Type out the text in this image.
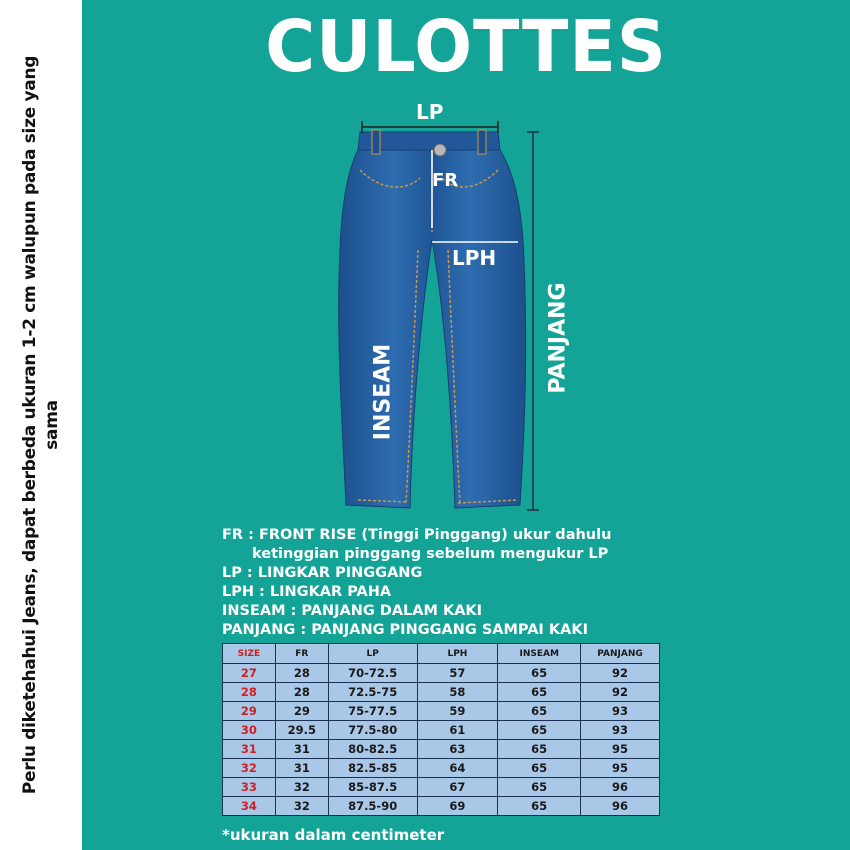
Perlu diketehahui Jeans, dapat berbeda ukuran 1-2 cm walupun pada size yang sama
CULOTTES
LP
FR
LPH
INSEAM	PANJANG
FR : FRONT RISE (Tinggi Pinggang) ukur dahulu
ketinggian pinggang sebelum mengukur LP
LP : LINGKAR PINGGANG
LPH : LINGKAR PAHA
INSEAM : PANJANG DALAM KAKI
PANJANG : PANJANG PINGGANG SAMPAI KAKI
SIZE	FR	LP	LPH	INSEAM	PANJANG
27	28	70-72.5	57	65	92
28	28	72.5-75	58	65	92
29	29	75-77.5	59	65	93
30	29.5	77.5-80	61	65	93
31	31	80-82.5	63	65	95
32	31	82.5-85	64	65	95
33	32	85-87.5	67	65	96
34	32	87.5-90	69	65	96
*ukuran dalam centimeter
